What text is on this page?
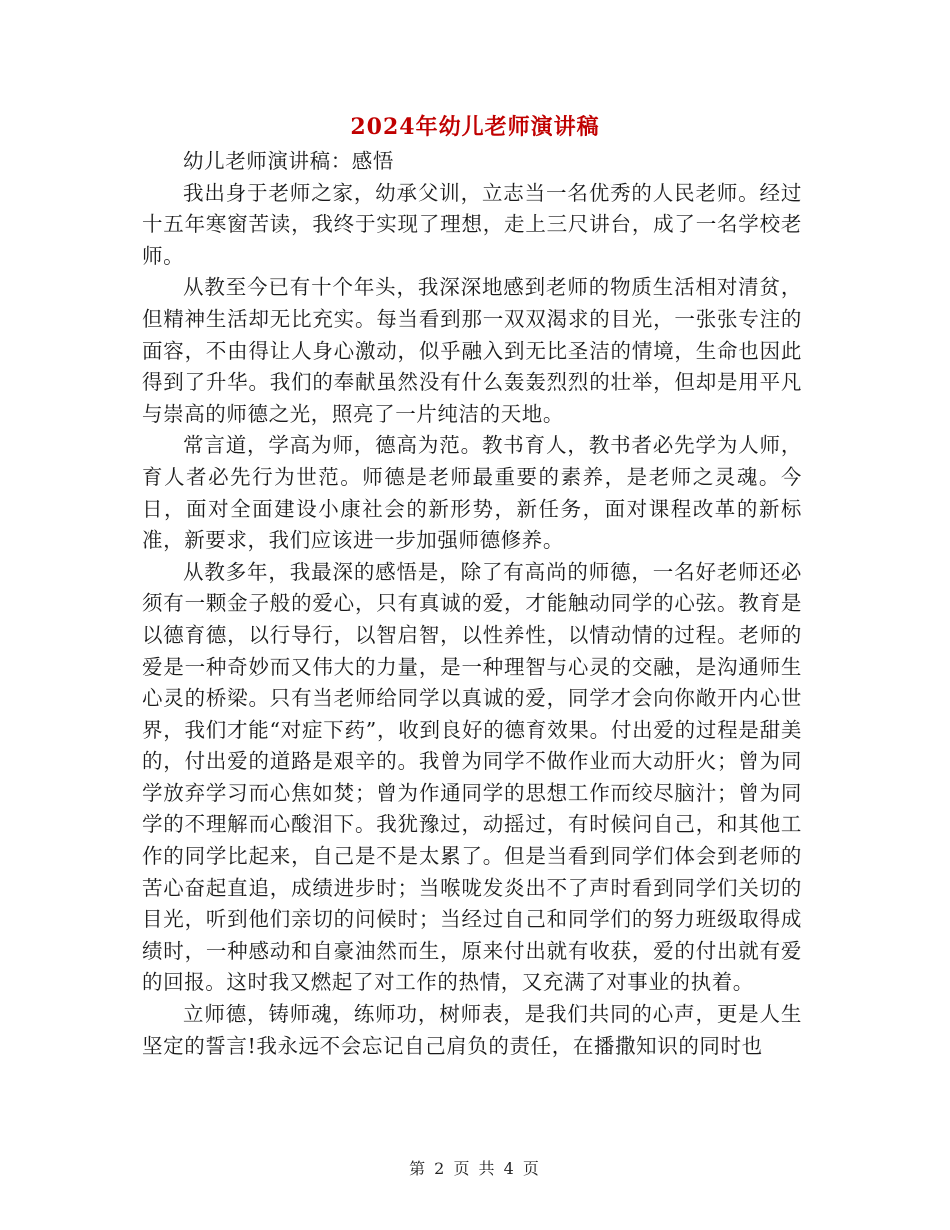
2024年幼儿老师演讲稿

幼儿老师演讲稿：感悟

我出身于老师之家，幼承父训，立志当一名优秀的人民老师。经过十五年寒窗苦读，我终于实现了理想，走上三尺讲台，成了一名学校老师。

从教至今已有十个年头，我深深地感到老师的物质生活相对清贫，但精神生活却无比充实。每当看到那一双双渴求的目光，一张张专注的面容，不由得让人身心激动，似乎融入到无比圣洁的情境，生命也因此得到了升华。我们的奉献虽然没有什么轰轰烈烈的壮举，但却是用平凡与崇高的师德之光，照亮了一片纯洁的天地。

常言道，学高为师，德高为范。教书育人，教书者必先学为人师，育人者必先行为世范。师德是老师最重要的素养，是老师之灵魂。今日，面对全面建设小康社会的新形势，新任务，面对课程改革的新标准，新要求，我们应该进一步加强师德修养。

从教多年，我最深的感悟是，除了有高尚的师德，一名好老师还必须有一颗金子般的爱心，只有真诚的爱，才能触动同学的心弦。教育是以德育德，以行导行，以智启智，以性养性，以情动情的过程。老师的爱是一种奇妙而又伟大的力量，是一种理智与心灵的交融，是沟通师生心灵的桥梁。只有当老师给同学以真诚的爱，同学才会向你敞开内心世界，我们才能“对症下药”，收到良好的德育效果。付出爱的过程是甜美的，付出爱的道路是艰辛的。我曾为同学不做作业而大动肝火；曾为同学放弃学习而心焦如焚；曾为作通同学的思想工作而绞尽脑汁；曾为同学的不理解而心酸泪下。我犹豫过，动摇过，有时候问自己，和其他工作的同学比起来，自己是不是太累了。但是当看到同学们体会到老师的苦心奋起直追，成绩进步时；当喉咙发炎出不了声时看到同学们关切的目光，听到他们亲切的问候时；当经过自己和同学们的努力班级取得成绩时，一种感动和自豪油然而生，原来付出就有收获，爱的付出就有爱的回报。这时我又燃起了对工作的热情，又充满了对事业的执着。

立师德，铸师魂，练师功，树师表，是我们共同的心声，更是人生坚定的誓言!我永远不会忘记自己肩负的责任，在播撒知识的同时也

第 2 页 共 4 页
